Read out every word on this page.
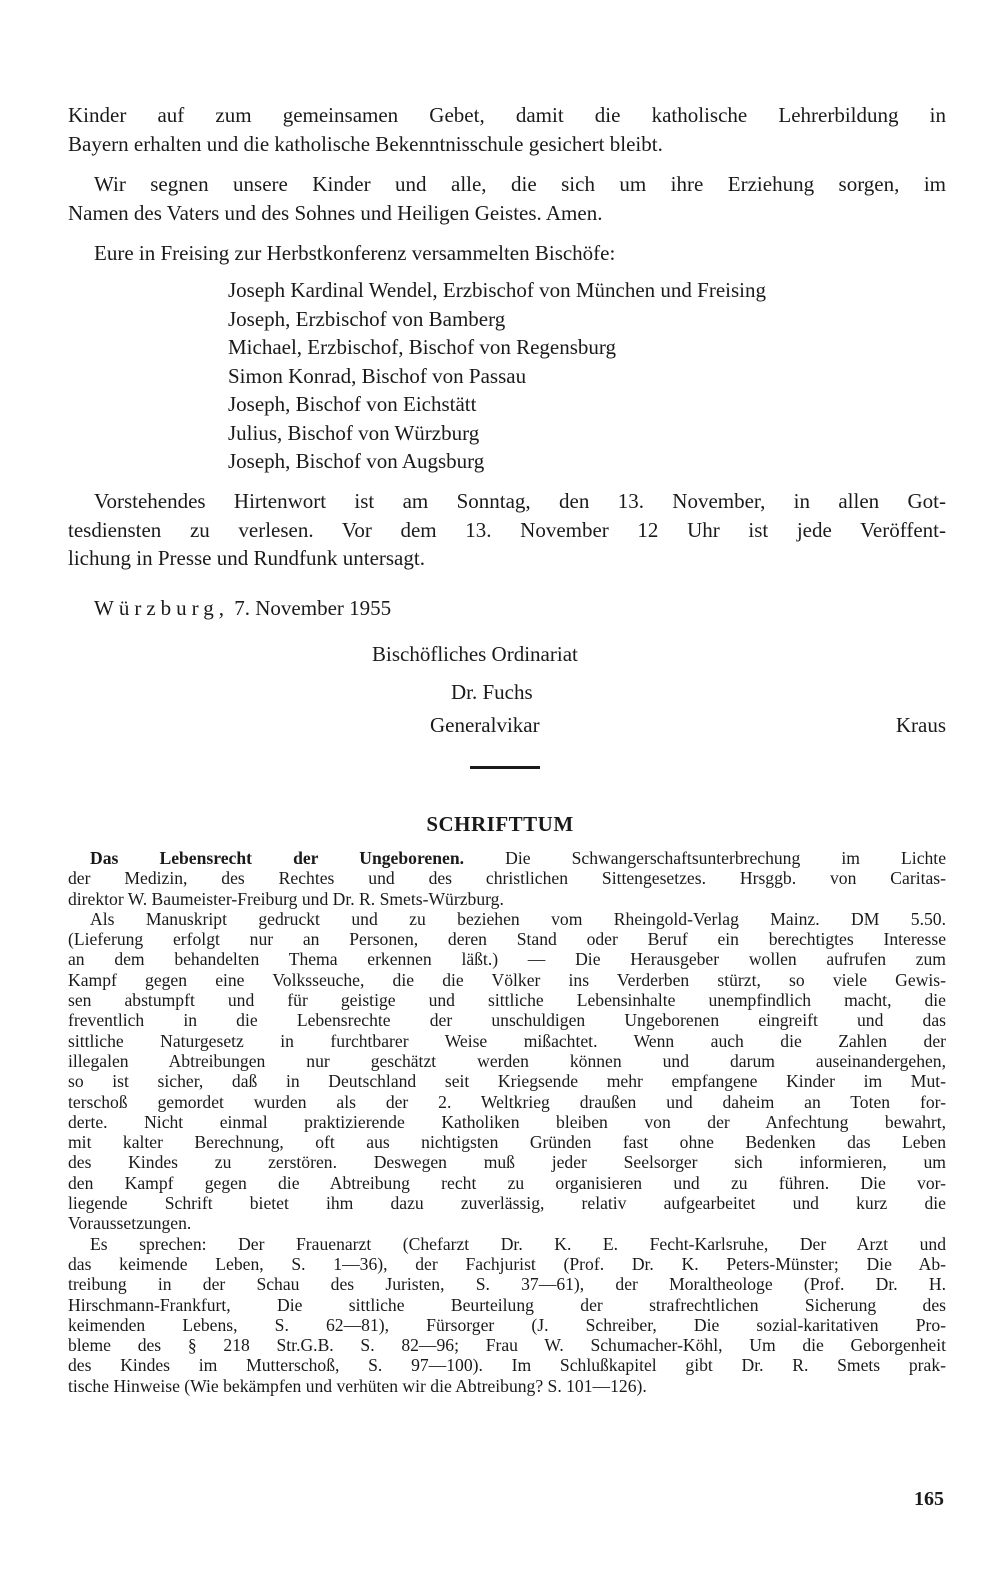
Kinder auf zum gemeinsamen Gebet, damit die katholische Lehrerbildung in
Bayern erhalten und die katholische Bekenntnisschule gesichert bleibt.
Wir segnen unsere Kinder und alle, die sich um ihre Erziehung sorgen, im
Namen des Vaters und des Sohnes und Heiligen Geistes. Amen.
Eure in Freising zur Herbstkonferenz versammelten Bischöfe:
Joseph Kardinal Wendel, Erzbischof von München und Freising
Joseph, Erzbischof von Bamberg
Michael, Erzbischof, Bischof von Regensburg
Simon Konrad, Bischof von Passau
Joseph, Bischof von Eichstätt
Julius, Bischof von Würzburg
Joseph, Bischof von Augsburg
Vorstehendes Hirtenwort ist am Sonntag, den 13. November, in allen Got-
tesdiensten zu verlesen. Vor dem 13. November 12 Uhr ist jede Veröffent-
lichung in Presse und Rundfunk untersagt.
Würzburg, 7. November 1955
Bischöfliches Ordinariat
Dr. Fuchs
Generalvikar	Kraus
SCHRIFTTUM
Das Lebensrecht der Ungeborenen. Die Schwangerschaftsunterbrechung im Lichte
der Medizin, des Rechtes und des christlichen Sittengesetzes. Hrsggb. von Caritas-
direktor W. Baumeister-Freiburg und Dr. R. Smets-Würzburg.
Als Manuskript gedruckt und zu beziehen vom Rheingold-Verlag Mainz. DM 5.50.
(Lieferung erfolgt nur an Personen, deren Stand oder Beruf ein berechtigtes Interesse
an dem behandelten Thema erkennen läßt.) — Die Herausgeber wollen aufrufen zum
Kampf gegen eine Volksseuche, die die Völker ins Verderben stürzt, so viele Gewis-
sen abstumpft und für geistige und sittliche Lebensinhalte unempfindlich macht, die
freventlich in die Lebensrechte der unschuldigen Ungeborenen eingreift und das
sittliche Naturgesetz in furchtbarer Weise mißachtet. Wenn auch die Zahlen der
illegalen Abtreibungen nur geschätzt werden können und darum auseinandergehen,
so ist sicher, daß in Deutschland seit Kriegsende mehr empfangene Kinder im Mut-
terschoß gemordet wurden als der 2. Weltkrieg draußen und daheim an Toten for-
derte. Nicht einmal praktizierende Katholiken bleiben von der Anfechtung bewahrt,
mit kalter Berechnung, oft aus nichtigsten Gründen fast ohne Bedenken das Leben
des Kindes zu zerstören. Deswegen muß jeder Seelsorger sich informieren, um
den Kampf gegen die Abtreibung recht zu organisieren und zu führen. Die vor-
liegende Schrift bietet ihm dazu zuverlässig, relativ aufgearbeitet und kurz die
Voraussetzungen.
Es sprechen: Der Frauenarzt (Chefarzt Dr. K. E. Fecht-Karlsruhe, Der Arzt und
das keimende Leben, S. 1—36), der Fachjurist (Prof. Dr. K. Peters-Münster; Die Ab-
treibung in der Schau des Juristen, S. 37—61), der Moraltheologe (Prof. Dr. H.
Hirschmann-Frankfurt, Die sittliche Beurteilung der strafrechtlichen Sicherung des
keimenden Lebens, S. 62—81), Fürsorger (J. Schreiber, Die sozial-karitativen Pro-
bleme des § 218 Str.G.B. S. 82—96; Frau W. Schumacher-Köhl, Um die Geborgenheit
des Kindes im Mutterschoß, S. 97—100). Im Schlußkapitel gibt Dr. R. Smets prak-
tische Hinweise (Wie bekämpfen und verhüten wir die Abtreibung? S. 101—126).
165
